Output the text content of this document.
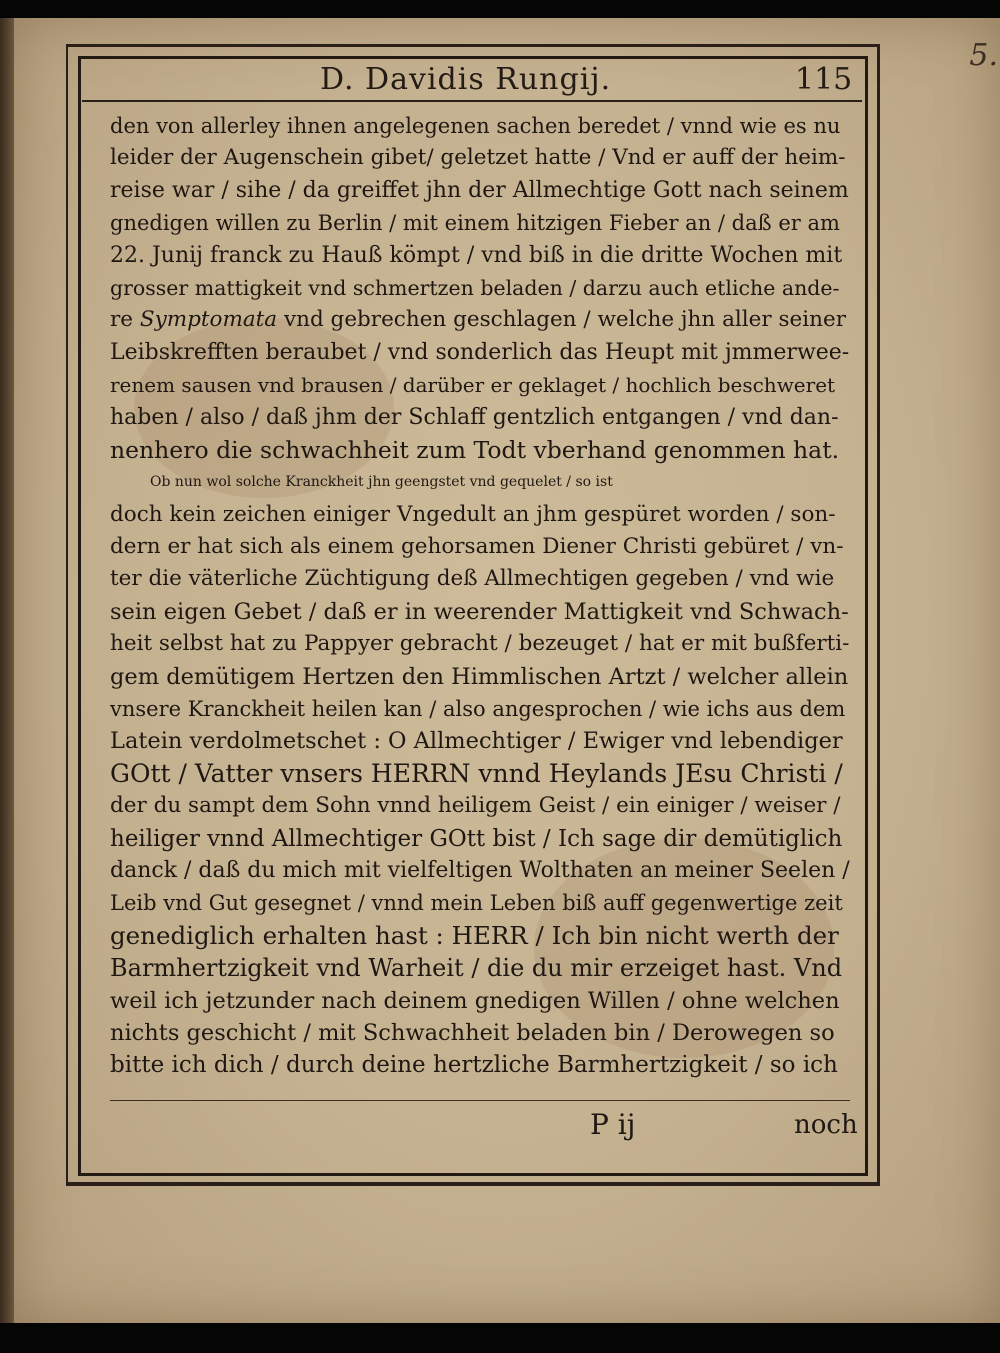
5.
D. Davidis Rungij.	115
den von allerley ihnen angelegenen sachen beredet / vnnd wie es nu
leider der Augenschein gibet/ geletzet hatte / Vnd er auff der heim-
reise war / sihe / da greiffet jhn der Allmechtige Gott nach seinem
gnedigen willen zu Berlin / mit einem hitzigen Fieber an / daß er am
22. Junij franck zu Hauß kömpt / vnd biß in die dritte Wochen mit
grosser mattigkeit vnd schmertzen beladen / darzu auch etliche ande-
re Symptomata vnd gebrechen geschlagen / welche jhn aller seiner
Leibskrefften beraubet / vnd sonderlich das Heupt mit jmmerwee-
renem sausen vnd brausen / darüber er geklaget / hochlich beschweret
haben / also / daß jhm der Schlaff gentzlich entgangen / vnd dan-
nenhero die schwachheit zum Todt vberhand genommen hat.
Ob nun wol solche Kranckheit jhn geengstet vnd gequelet / so ist
doch kein zeichen einiger Vngedult an jhm gespüret worden / son-
dern er hat sich als einem gehorsamen Diener Christi gebüret / vn-
ter die väterliche Züchtigung deß Allmechtigen gegeben / vnd wie
sein eigen Gebet / daß er in weerender Mattigkeit vnd Schwach-
heit selbst hat zu Pappyer gebracht / bezeuget / hat er mit bußferti-
gem demütigem Hertzen den Himmlischen Artzt / welcher allein
vnsere Kranckheit heilen kan / also angesprochen / wie ichs aus dem
Latein verdolmetschet : O Allmechtiger / Ewiger vnd lebendiger
GOtt / Vatter vnsers HERRN vnnd Heylands JEsu Christi /
der du sampt dem Sohn vnnd heiligem Geist / ein einiger / weiser /
heiliger vnnd Allmechtiger GOtt bist / Ich sage dir demütiglich
danck / daß du mich mit vielfeltigen Wolthaten an meiner Seelen /
Leib vnd Gut gesegnet / vnnd mein Leben biß auff gegenwertige zeit
genediglich erhalten hast : HERR / Ich bin nicht werth der
Barmhertzigkeit vnd Warheit / die du mir erzeiget hast. Vnd
weil ich jetzunder nach deinem gnedigen Willen / ohne welchen
nichts geschicht / mit Schwachheit beladen bin / Derowegen so
bitte ich dich / durch deine hertzliche Barmhertzigkeit / so ich
P ij	noch
